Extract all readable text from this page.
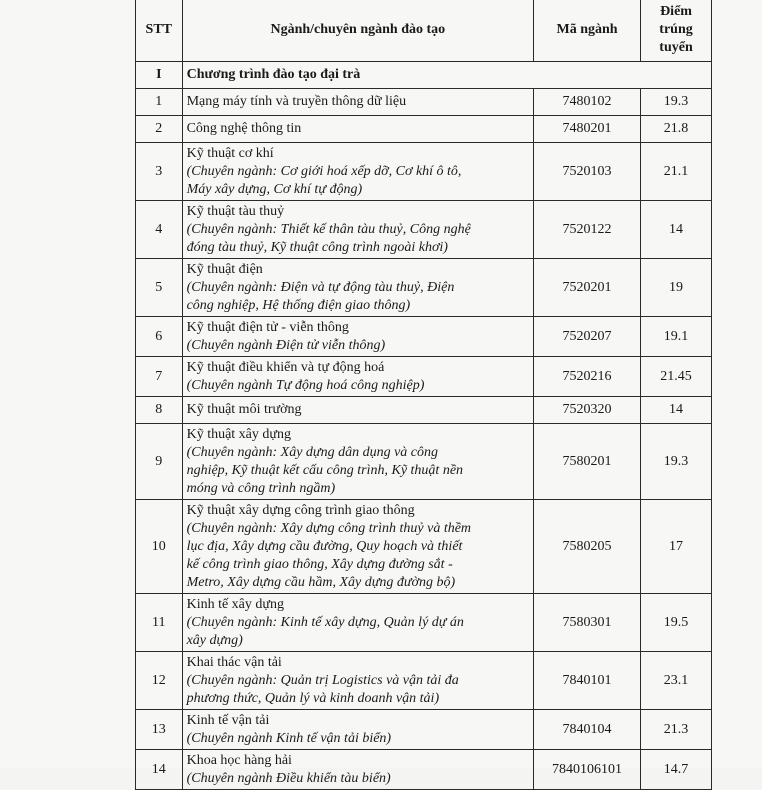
STT	Ngành/chuyên ngành đào tạo	Mã ngành	Điểm
trúng
tuyển

I	Chương trình đào tạo đại trà		
1	Mạng máy tính và truyền thông dữ liệu	7480102	19.3
2	Công nghệ thông tin	7480201	21.8
3	Kỹ thuật cơ khí
(Chuyên ngành: Cơ giới hoá xếp dỡ, Cơ khí ô tô,
Máy xây dựng, Cơ khí tự động)	7520103	21.1
4	Kỹ thuật tàu thuỷ
(Chuyên ngành: Thiết kế thân tàu thuỷ, Công nghệ
đóng tàu thuỷ, Kỹ thuật công trình ngoài khơi)	7520122	14
5	Kỹ thuật điện
(Chuyên ngành: Điện và tự động tàu thuỷ, Điện
công nghiệp, Hệ thống điện giao thông)	7520201	19
6	Kỹ thuật điện tử - viễn thông
(Chuyên ngành Điện tử viễn thông)	7520207	19.1
7	Kỹ thuật điều khiển và tự động hoá
(Chuyên ngành Tự động hoá công nghiệp)	7520216	21.45
8	Kỹ thuật môi trường	7520320	14
9	Kỹ thuật xây dựng
(Chuyên ngành: Xây dựng dân dụng và công
nghiệp, Kỹ thuật kết cấu công trình, Kỹ thuật nền
móng và công trình ngầm)	7580201	19.3
10	Kỹ thuật xây dựng công trình giao thông
(Chuyên ngành: Xây dựng công trình thuỷ và thềm
lục địa, Xây dựng cầu đường, Quy hoạch và thiết
kế công trình giao thông, Xây dựng đường sắt -
Metro, Xây dựng cầu hầm, Xây dựng đường bộ)	7580205	17
11	Kinh tế xây dựng
(Chuyên ngành: Kinh tế xây dựng, Quản lý dự án
xây dựng)	7580301	19.5
12	Khai thác vận tải
(Chuyên ngành: Quản trị Logistics và vận tải đa
phương thức, Quản lý và kinh doanh vận tải)	7840101	23.1
13	Kinh tế vận tải
(Chuyên ngành Kinh tế vận tải biển)	7840104	21.3
14	Khoa học hàng hải
(Chuyên ngành Điều khiển tàu biển)	7840106101	14.7
